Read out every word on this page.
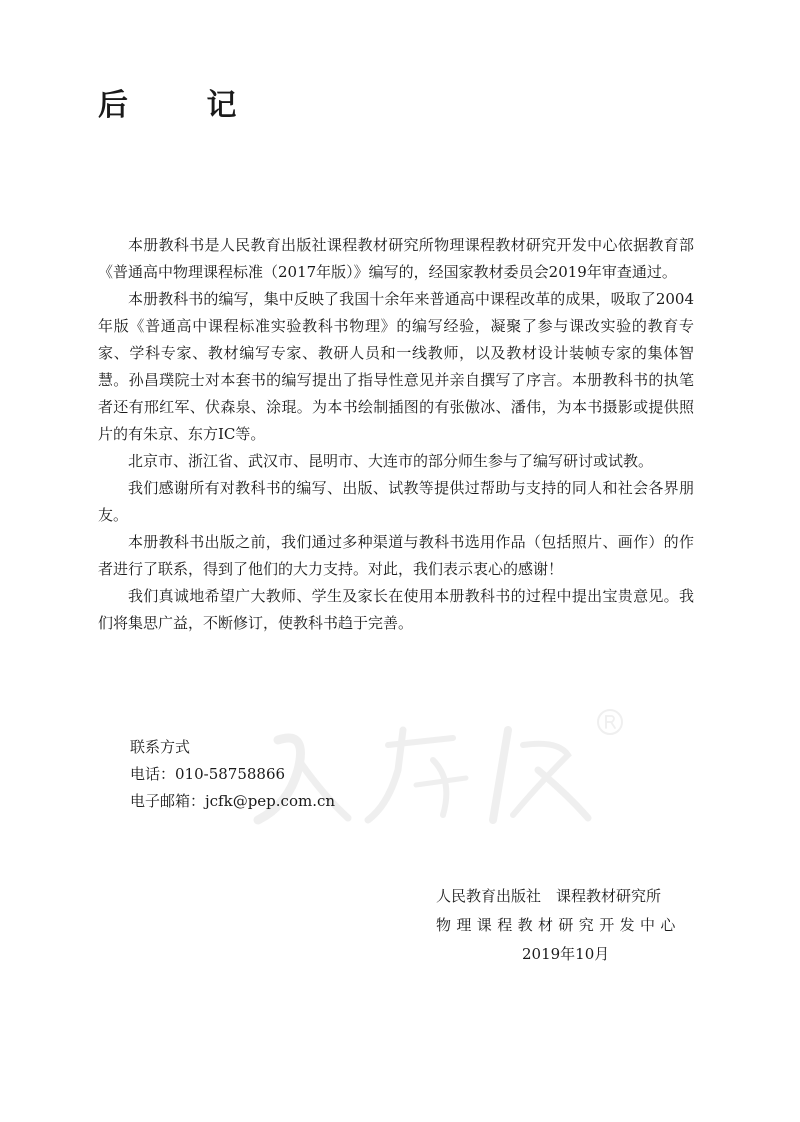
后 记

本册教科书是人民教育出版社课程教材研究所物理课程教材研究开发中心依据教育部《普通高中物理课程标准（2017年版）》编写的，经国家教材委员会2019年审查通过。

本册教科书的编写，集中反映了我国十余年来普通高中课程改革的成果，吸取了2004年版《普通高中课程标准实验教科书物理》的编写经验，凝聚了参与课改实验的教育专家、学科专家、教材编写专家、教研人员和一线教师，以及教材设计装帧专家的集体智慧。孙昌璞院士对本套书的编写提出了指导性意见并亲自撰写了序言。本册教科书的执笔者还有邢红军、伏森泉、涂琨。为本书绘制插图的有张傲冰、潘伟，为本书摄影或提供照片的有朱京、东方IC等。

北京市、浙江省、武汉市、昆明市、大连市的部分师生参与了编写研讨或试教。

我们感谢所有对教科书的编写、出版、试教等提供过帮助与支持的同人和社会各界朋友。

本册教科书出版之前，我们通过多种渠道与教科书选用作品（包括照片、画作）的作者进行了联系，得到了他们的大力支持。对此，我们表示衷心的感谢！

我们真诚地希望广大教师、学生及家长在使用本册教科书的过程中提出宝贵意见。我们将集思广益，不断修订，使教科书趋于完善。

联系方式
电话：010-58758866
电子邮箱：jcfk@pep.com.cn
人民教育出版社　课程教材研究所
物理课程教材研究开发中心
2019年10月
